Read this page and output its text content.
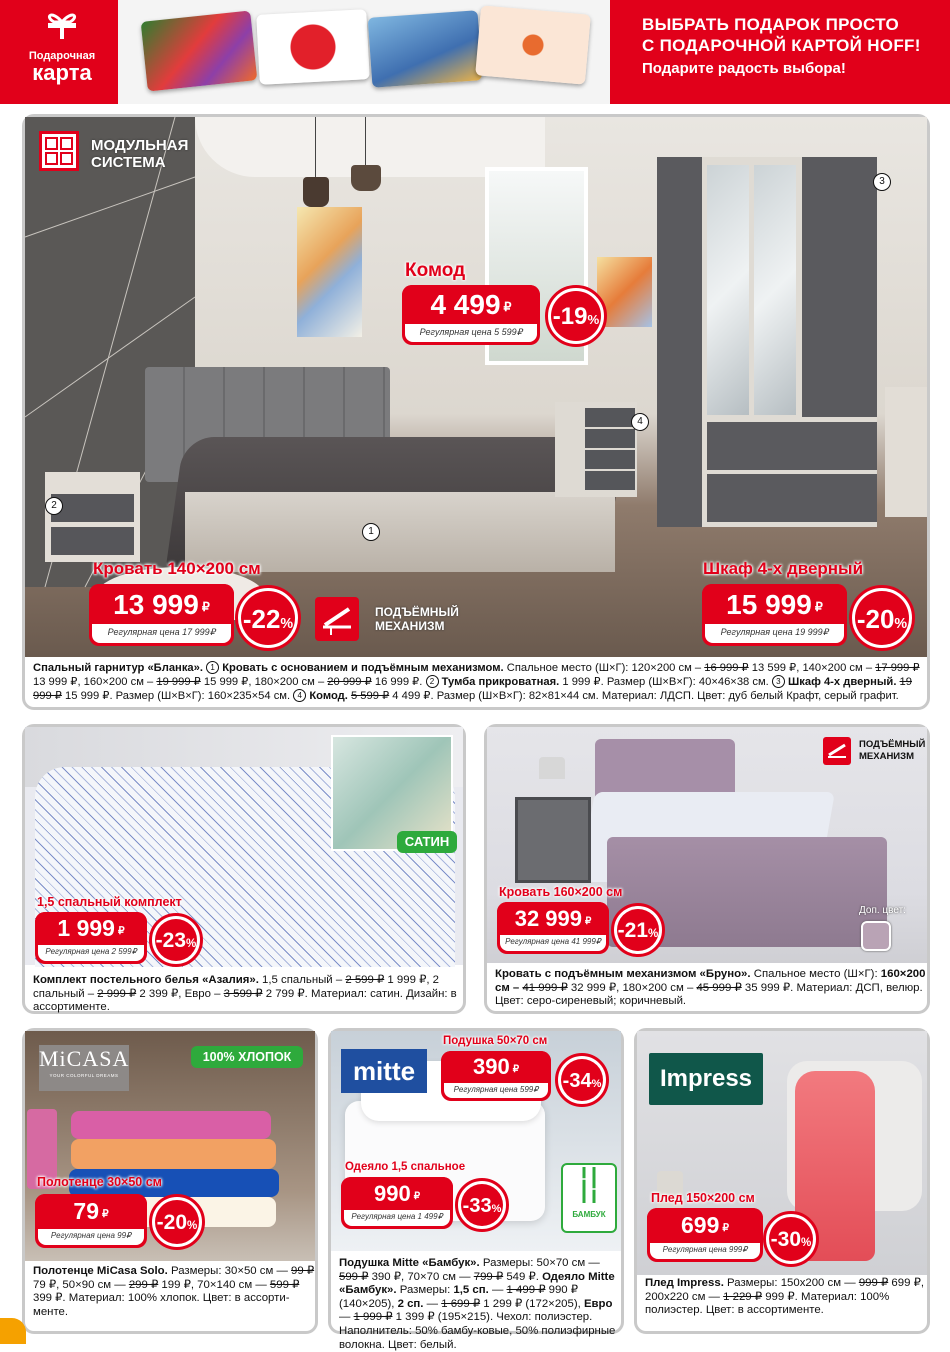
Подарочная
карта
ВЫБРАТЬ ПОДАРОК ПРОСТО
С ПОДАРОЧНОЙ КАРТОЙ HOFF!
Подарите радость выбора!
МОДУЛЬНАЯ
СИСТЕМА
3
4
2
1
Комод
4 499 ₽
Регулярная цена 5 599₽
-19%
Кровать 140×200 см
13 999 ₽
Регулярная цена 17 999₽	-22%
ПОДЪЁМНЫЙ
МЕХАНИЗМ
Шкаф 4-х дверный
15 999 ₽
Регулярная цена 19 999₽	-20%
Спальный гарнитур «Бланка». 1 Кровать с основанием и подъёмным механизмом. Спальное место (Ш×Г): 120×200 см – 16 999 ₽ 13 599 ₽, 140×200 см – 17 999 ₽ 13 999 ₽, 160×200 см – 19 999 ₽ 15 999 ₽, 180×200 см – 20 999 ₽ 16 999 ₽. 2 Тумба прикроватная. 1 999 ₽. Размер (Ш×В×Г): 40×46×38 см. 3 Шкаф 4-х дверный. 19 999 ₽ 15 999 ₽. Размер (Ш×В×Г): 160×235×54 см. 4 Комод. 5 599 ₽ 4 499 ₽. Размер (Ш×В×Г): 82×81×44 см. Материал: ЛДСП. Цвет: дуб белый Крафт, серый графит.
САТИН
1,5 спальный комплект
1 999 ₽
Регулярная цена 2 599₽ -23%
Комплект постельного белья «Азалия». 1,5 спальный – 2 599 ₽ 1 999 ₽, 2 спальный – 2 999 ₽ 2 399 ₽, Евро – 3 599 ₽ 2 799 ₽. Материал: сатин. Дизайн: в ассортименте.
ПОДЪЁМНЫЙ
МЕХАНИЗМ
Кровать 160×200 см
32 999 ₽
Регулярная цена 41 999₽ -21%
Доп. цвет:
Кровать с подъёмным механизмом «Бруно». Спальное место (Ш×Г): 160×200 см – 41 999 ₽ 32 999 ₽, 180×200 см – 45 999 ₽ 35 999 ₽. Материал: ДСП, велюр. Цвет: серо-сиреневый; коричневый.
MiCASA
YOUR COLORFUL DREAMS
100% ХЛОПОК
Полотенце 30×50 см
79 ₽
Регулярная цена 99₽
-20%
Полотенце MiCasa Solo. Размеры: 30×50 см — 99 ₽ 79 ₽, 50×90 см — 299 ₽ 199 ₽, 70×140 см — 599 ₽ 399 ₽. Материал: 100% хлопок. Цвет: в ассорти-менте.
mitte
Подушка 50×70 см
390 ₽
Регулярная цена 599₽	-34%
Одеяло 1,5 спальное
990 ₽
Регулярная цена 1 499₽ -33%	БАМБУК
Подушка Mitte «Бамбук». Размеры: 50×70 см — 599 ₽ 390 ₽, 70×70 см — 799 ₽ 549 ₽. Одеяло Mitte «Бамбук». Размеры: 1,5 сп. — 1 499 ₽ 990 ₽ (140×205), 2 сп. — 1 699 ₽ 1 299 ₽ (172×205), Евро — 1 999 ₽ 1 399 ₽ (195×215). Чехол: полиэстер. Наполнитель: 50% бамбу-ковые, 50% полиэфирные волокна. Цвет: белый.
Impress
Плед 150×200 см
699 ₽
Регулярная цена 999₽	-30%
Плед Impress. Размеры: 150x200 см — 999 ₽ 699 ₽, 200x220 см — 1 229 ₽ 999 ₽. Материал: 100% полиэстер. Цвет: в ассортименте.
